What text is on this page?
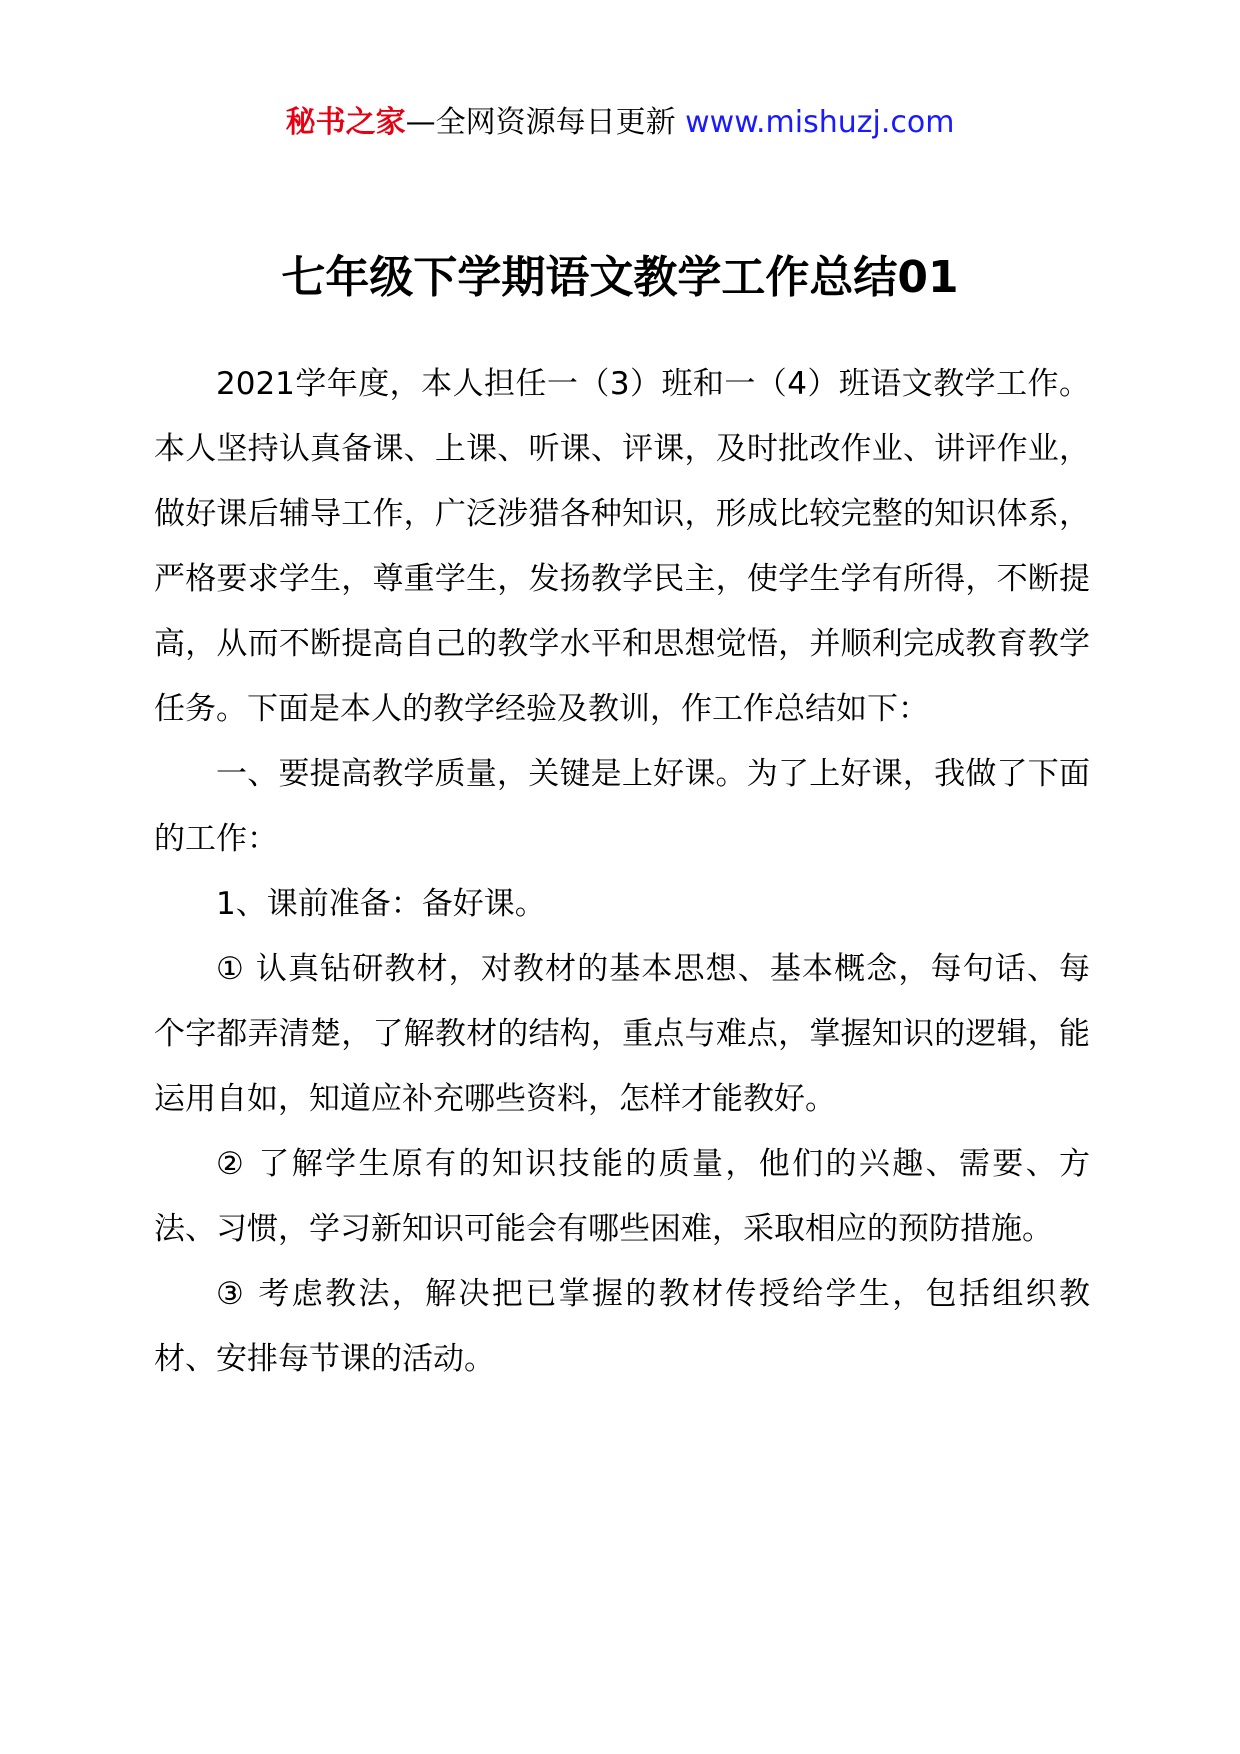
秘书之家—全网资源每日更新 www.mishuzj.com
七年级下学期语文教学工作总结01

2021学年度，本人担任一（3）班和一（4）班语文教学工作。本人坚持认真备课、上课、听课、评课，及时批改作业、讲评作业，做好课后辅导工作，广泛涉猎各种知识，形成比较完整的知识体系，严格要求学生，尊重学生，发扬教学民主，使学生学有所得，不断提高，从而不断提高自己的教学水平和思想觉悟，并顺利完成教育教学任务。下面是本人的教学经验及教训，作工作总结如下：

一、要提高教学质量，关键是上好课。为了上好课，我做了下面的工作：

1、课前准备：备好课。

① 认真钻研教材，对教材的基本思想、基本概念，每句话、每个字都弄清楚，了解教材的结构，重点与难点，掌握知识的逻辑，能运用自如，知道应补充哪些资料，怎样才能教好。

② 了解学生原有的知识技能的质量，他们的兴趣、需要、方法、习惯，学习新知识可能会有哪些困难，采取相应的预防措施。

③ 考虑教法，解决把已掌握的教材传授给学生，包括组织教材、安排每节课的活动。
